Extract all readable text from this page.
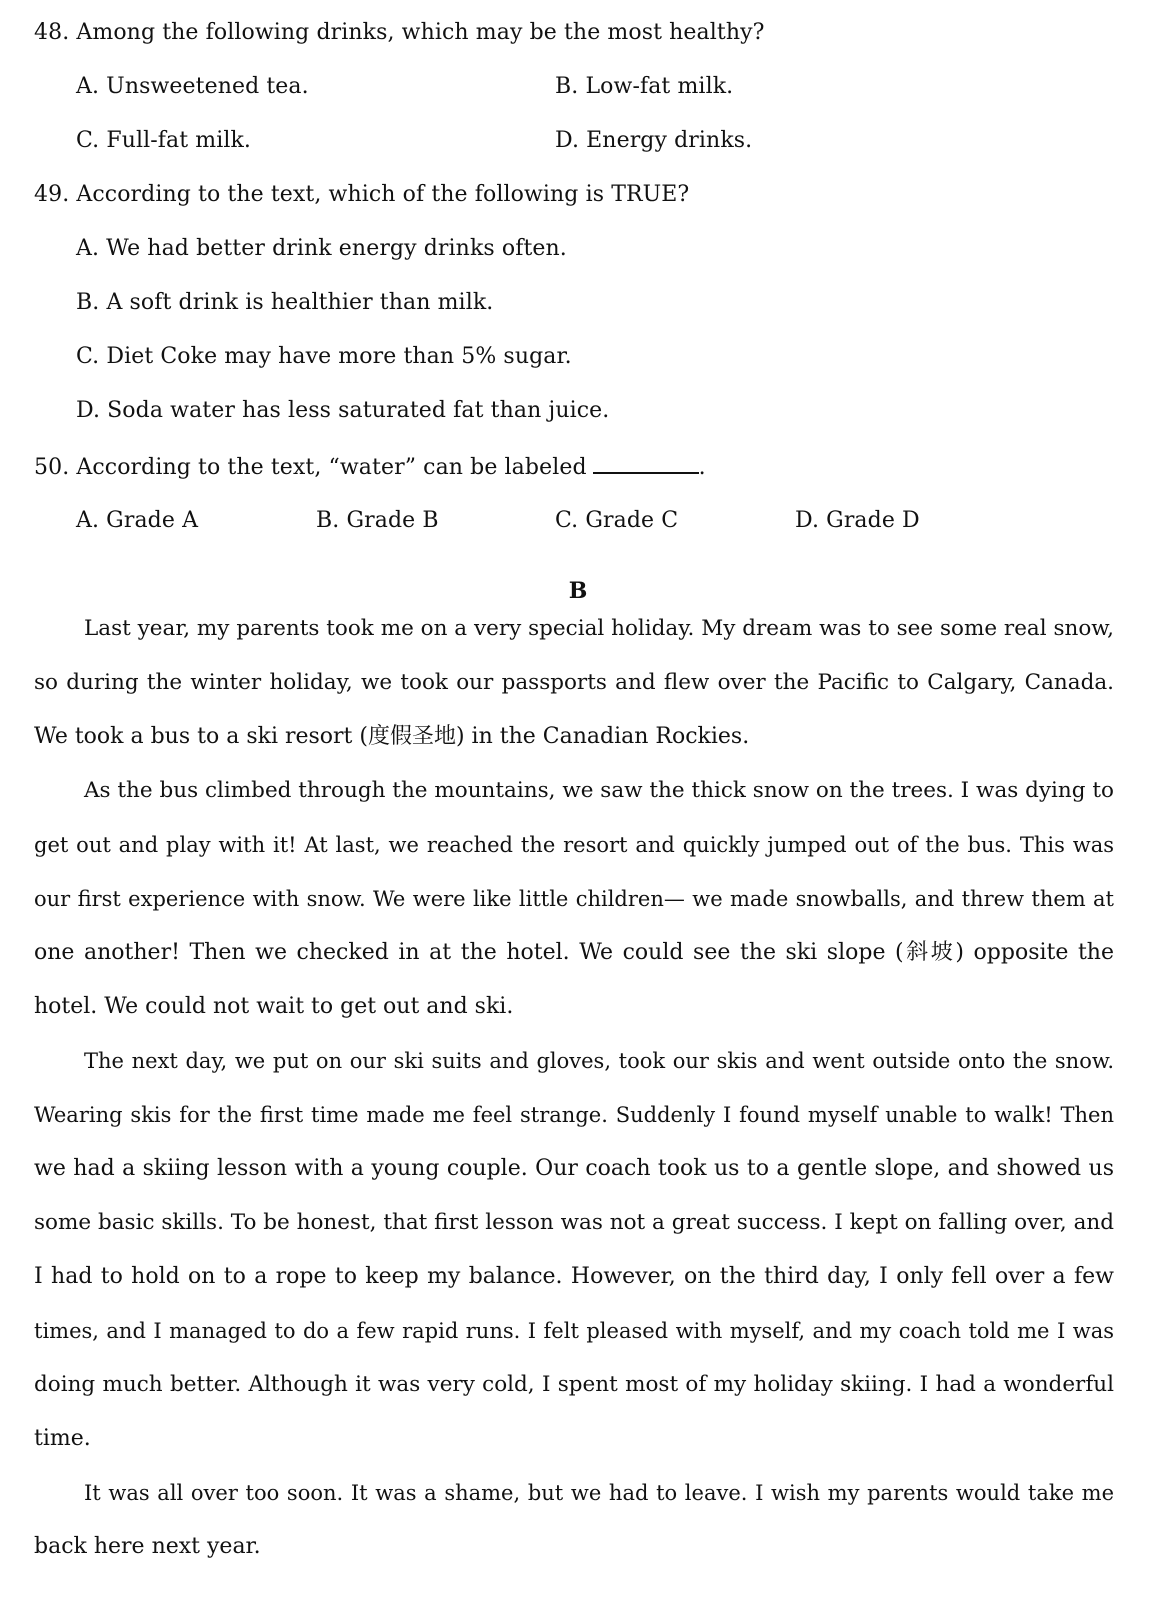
48. Among the following drinks, which may be the most healthy?
A. Unsweetened tea.	B. Low-fat milk.
C. Full-fat milk.	D. Energy drinks.
49. According to the text, which of the following is TRUE?
A. We had better drink energy drinks often.
B. A soft drink is healthier than milk.
C. Diet Coke may have more than 5% sugar.
D. Soda water has less saturated fat than juice.
50. According to the text, “water” can be labeled	.
A. Grade A	B. Grade B	C. Grade C	D. Grade D
B
Last year, my parents took me on a very special holiday. My dream was to see some real snow,
so during the winter holiday, we took our passports and flew over the Pacific to Calgary, Canada.
We took a bus to a ski resort (度假圣地) in the Canadian Rockies.
As the bus climbed through the mountains, we saw the thick snow on the trees. I was dying to
get out and play with it! At last, we reached the resort and quickly jumped out of the bus. This was
our first experience with snow. We were like little children— we made snowballs, and threw them at
one another! Then we checked in at the hotel. We could see the ski slope (斜坡) opposite the
hotel. We could not wait to get out and ski.
The next day, we put on our ski suits and gloves, took our skis and went outside onto the snow.
Wearing skis for the first time made me feel strange. Suddenly I found myself unable to walk! Then
we had a skiing lesson with a young couple. Our coach took us to a gentle slope, and showed us
some basic skills. To be honest, that first lesson was not a great success. I kept on falling over, and
I had to hold on to a rope to keep my balance. However, on the third day, I only fell over a few
times, and I managed to do a few rapid runs. I felt pleased with myself, and my coach told me I was
doing much better. Although it was very cold, I spent most of my holiday skiing. I had a wonderful
time.
It was all over too soon. It was a shame, but we had to leave. I wish my parents would take me
back here next year.
